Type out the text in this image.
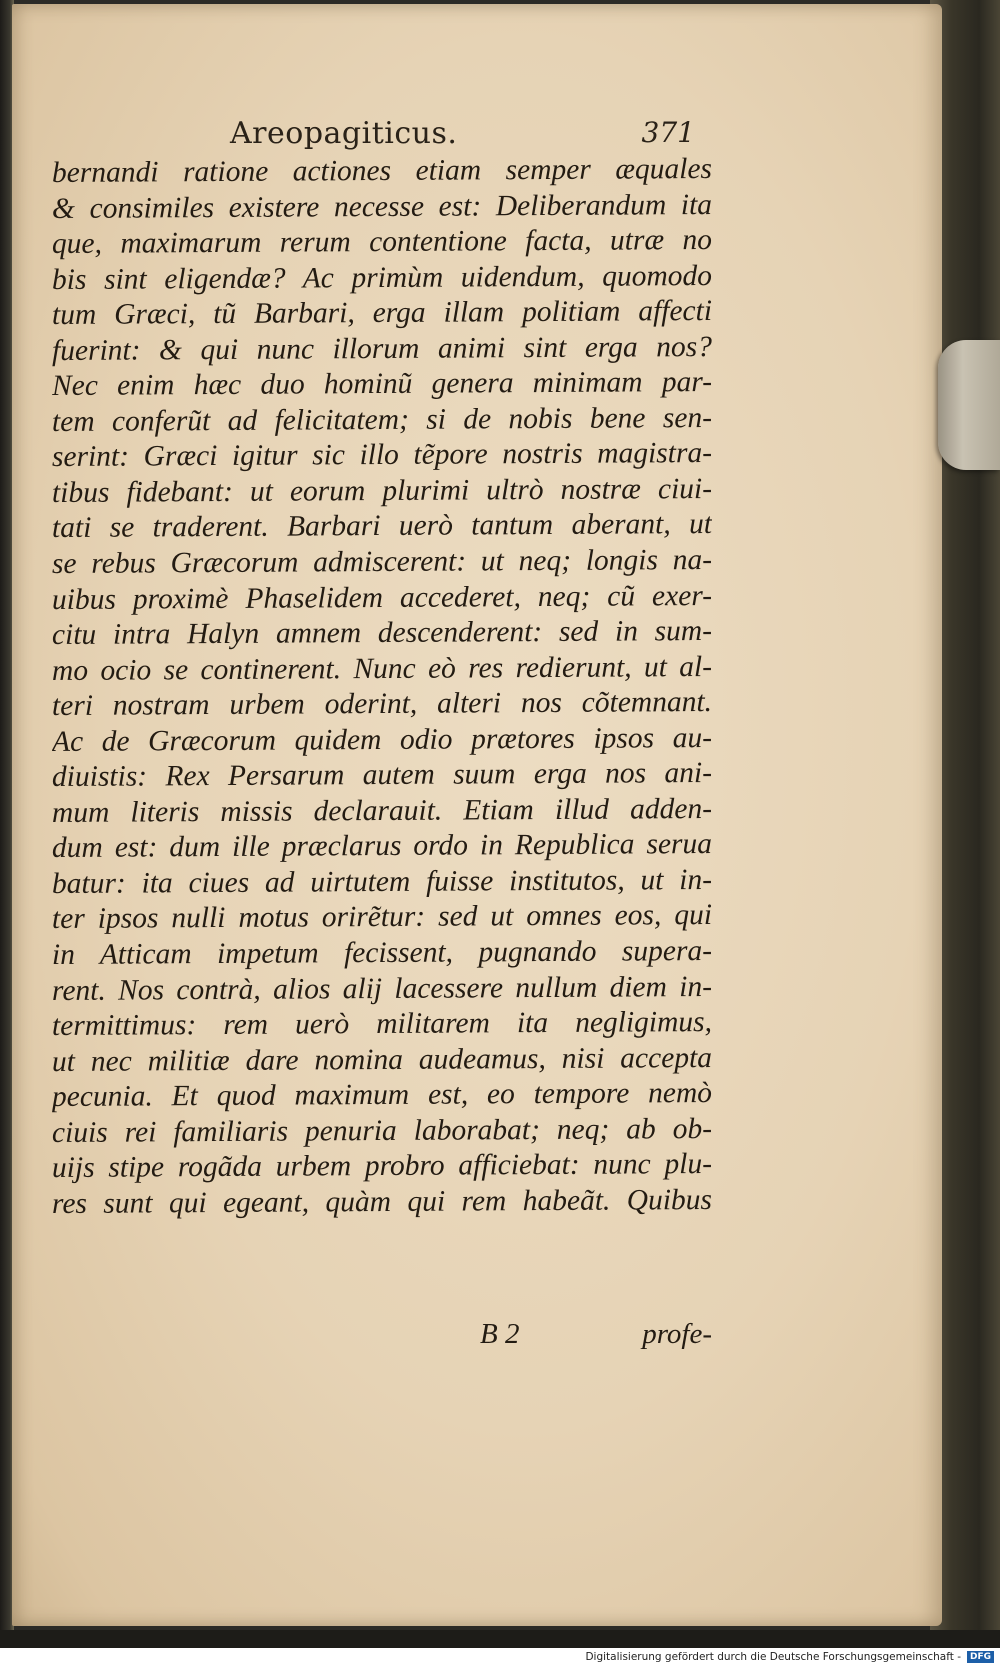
Areopagiticus.	371
bernandi ratione actiones etiam semper æquales
& consimiles existere necesse est: Deliberandum ita
que, maximarum rerum contentione facta, utræ no
bis sint eligendæ? Ac primùm uidendum, quomodo
tum Græci, tũ Barbari, erga illam politiam affecti
fuerint: & qui nunc illorum animi sint erga nos?
Nec enim hæc duo hominũ genera minimam par-
tem conferũt ad felicitatem; si de nobis bene sen-
serint: Græci igitur sic illo tẽpore nostris magistra-
tibus fidebant: ut eorum plurimi ultrò nostræ ciui-
tati se traderent. Barbari uerò tantum aberant, ut
se rebus Græcorum admiscerent: ut neq; longis na-
uibus proximè Phaselidem accederet, neq; cũ exer-
citu intra Halyn amnem descenderent: sed in sum-
mo ocio se continerent. Nunc eò res redierunt, ut al-
teri nostram urbem oderint, alteri nos cõtemnant.
Ac de Græcorum quidem odio prætores ipsos au-
diuistis: Rex Persarum autem suum erga nos ani-
mum literis missis declarauit. Etiam illud adden-
dum est: dum ille præclarus ordo in Republica serua
batur: ita ciues ad uirtutem fuisse institutos, ut in-
ter ipsos nulli motus orirẽtur: sed ut omnes eos, qui
in Atticam impetum fecissent, pugnando supera-
rent. Nos contrà, alios alij lacessere nullum diem in-
termittimus: rem uerò militarem ita negligimus,
ut nec militiæ dare nomina audeamus, nisi accepta
pecunia. Et quod maximum est, eo tempore nemò
ciuis rei familiaris penuria laborabat; neq; ab ob-
uijs stipe rogãda urbem probro afficiebat: nunc plu-
res sunt qui egeant, quàm qui rem habeãt. Quibus
B 2	profe-
Digitalisierung gefördert durch die Deutsche Forschungsgemeinschaft -	DFG
